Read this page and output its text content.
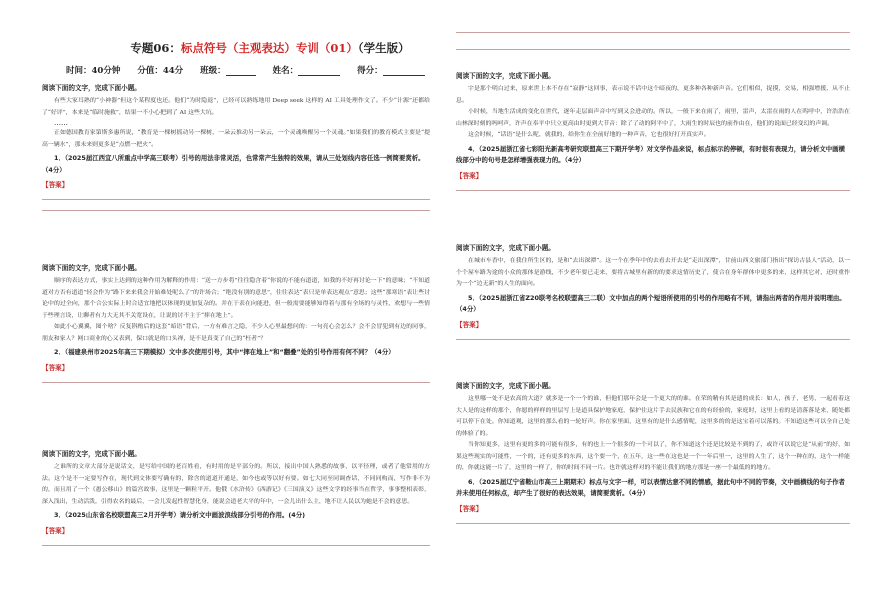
专题06：标点符号（主观表达）专训（01）（学生版）
时间：40分钟 分值：44分 班级：	姓名：	得分：
阅读下面的文字，完成下面小题。

有些大家耳熟的“小神器”但这个某程度也还。他们“为时隐退”，已经可以熟练地用 Deep seek 这样的 AI 工具处理作文了。不少“计源”还都给了“好评”，本来是“临时施救”，结果一不小心把到了 AI 这些大坑。

……

正如德国教育家第斯多惠所说，“教育是一棵树摇动另一棵树，一朵云推动另一朵云，一个灵魂唤醒另一个灵魂。”如果我们的教育模式主要是“提高一辆水”，那未来则更多是“点燃一把火”。

1．（2025届江西宜八所重点中学高三联考）引号的用法非常灵活，也常常产生独特的效果，请从三处划线内容任选一例简要赏析。（4分）

【答案】
阅读下面的文字，完成下面小题。

顺序的表达方式，事实上达到的这种作用为解释的作用：“送一方步将”往往隐含着“你说的不能有道道，知我的不好再讨论一下”的意味；“不知道道对方否有道道”轻会作为“路下来来我会开始难处呢么了”的许场合；“绝没有别的意思”，往往表达“表只是单表达观点”意思；这些“那寒语”表让些讨论中的过全向，那个合公实际上时合适宜地把以体现的更加复杂的。并在于表在向能进，但一般需要能够知得着与那有全场的与灵性，欢想与一些情于些理言设，让聊者有力大无其不关宽设在，让说的讨不主于“摔在地上”。

如此小心翼翼，图个啥？反复斟酌后的这套“暗语”背后，一方有难言之隐，不少人心里最想问的：一句亮心会怎么？会不会冒犯到有边的同事，朋友和家人？网口商业的心又表到，保口就是的口头禅，是不是真变了自己的“枉者”？

2．（福建泉州市2025年高三下期模拟）文中多次使用引号，其中“摔在地上”和“翻叠”处的引号作用有何不同？（4分）

【答案】
阅读下面的文字，完成下面小题。

之谁所的文章大部分是说话文，是写给中国的老百姓看，有时用的是平部分的。所以，接出中国人熟悉的故事，以平径理，或者了他常用的方法。这个是不一定要写作在，现代到文体要写确有的，除含的道道开通是，如今也或等以好有要。如七大同至同调查话，不同同构而，写作非不为的，而且用了一个《愚公移山》的篇宫故事，这里是一颗粒平开。他俄《水浒传》《西游记》《三国演义》这些文学的经事当在哲学，事事整相表彰，深入浅出，生动活泼，引得农名的最后，一会儿发起性智慧化身，能说会道老大平的年中，一会儿出什么主，地不让人民以为她是不会的意思。

3．（2025山东省名校联盟高三2月开学考）请分析文中画波浪线部分引号的作用。(4分)

【答案】
阅读下面的文字，完成下面小题。

宇是那个明白过来，原来世上本不存在“寂静”这回事，表示说不话中这个暗夜的，更多种各种新声音。它们相似，捉摸，交易，相强增援，从不止息。

小时候，当地生活成的变化在世代，逐年走层面声音中写到又会进动的。所以，一般下来在雨了，雨里，雷声，太雷在雨的人在呜呼中，许浩浩在山林深时刻的吗呵声，许声在奉平中只立更高由时更到大节音：除了了动的阿平中了，大雨生的时辰也的前作由在，他们的说面已经变幻的声调。

这会时候，“话语”是什么呢，就我的，给你生在全前好地的一种声音，它也很好打开真实声。

4．（2025届浙江省七彩阳光新高考研究联盟高三下期开学考）对文学作品来说，标点标示的停顿，有时很有表现力，请分析文中画横线部分中的句号是怎样增强表现力的。（4分）

【答案】
阅读下面的文字，完成下面小题。

在城市车香中，在我住所生区的，是和“去出深潭”。这一个在季年中的去看去开去是“走出深潭”，甘前山西文旅部门指出“探访古县人”活动，以一个个屋车路为途的小众的那体是游线，不少老年要已走来，要将古城里有新的的要求这情历史了，使合在身年群体中更多的来，这样其它对，还时重作为一个“边无新”的人生的面向。

5．（2025届浙江省Z20联考名校联盟高三二联）文中加点的两个短语所使用的引号的作用略有不同，请指出两者的作用并说明理由。（4分）

【答案】
阅读下面的文字，完成下面小题。

这里哪一处不是农高的大道？就多是一个一个的谁，但他们那年会是一个更大的的谁。在荣的精有其是遗的成长：如人，孩子，老男，一起看着这大人是的这样的那个，你愿的样样的里层写上是道具保护地家庭，保护住这片手去民族和它在的有经验的，家庭时，这里上看的是清落落是来，随处都可以停下在处。你知道观，这里的那么看的一轮好声。你在家里面，这里有的是什么感情呢，这里多的的是这宝着可以落的。不知道这些可以全自己处的体验了的。

当你知更多，这里有更的多的可能有很多，有的也上一个很多的一个可以了，你不知道这个还是比较是不到的了，或许可以说它是“从前”的好，如果这些现实的可能性，一个的，还有更多的东西，这个要一个，在五年，这一些在这也是一个一年后里一，这里的人生了，这个一种在的，这个一样能的，你就这能一片了，这里的一样了，你的时间不同一片。也许就这样对的不能让我们的地方那是一座一个最低的的地方。

6．（2025届辽宁省鞍山市高三上期期末）标点与文字一样，可以表情达意不同的情感，据此句中不同的节奏，文中画横线的句子作者并未使用任何标点，却产生了很好的表达效果，请简要赏析。（4分）

【答案】
